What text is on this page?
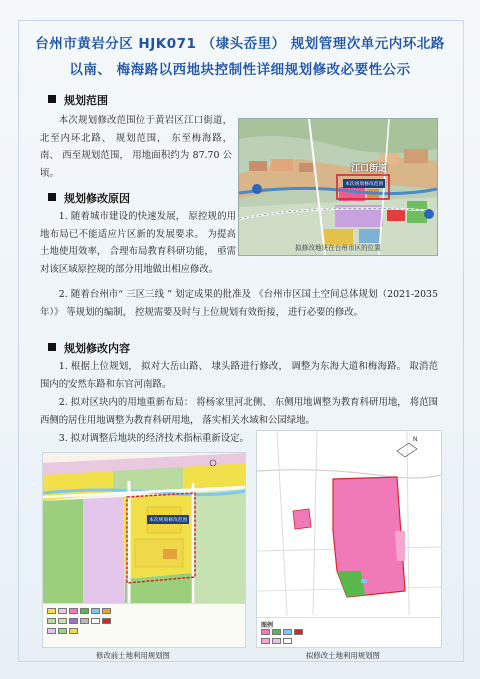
台州市黄岩分区 HJK071 （埭头岙里） 规划管理次单元内环北路
以南、 梅海路以西地块控制性详细规划修改必要性公示
规划范围
本次规划修改范围位于黄岩区江口街道， 北至内环北路、 规划范围， 东至梅海路， 南、 西至规划范围， 用地面积约为 87.70 公顷。	江口街道
本次规划修改范围
拟修改地块在台州市区的位置
规划修改原因
1. 随着城市建设的快速发展， 原控规的用地布局已不能适应片区新的发展要求。 为提高土地使用效率， 合理布局教育科研功能， 亟需对该区域原控规的部分用地做出相应修改。
2. 随着台州市“ 三区三线 ” 划定成果的批准及 《台州市区国土空间总体规划（2021-2035 年）》 等规划的编制， 控规需要及时与上位规划有效衔接， 进行必要的修改。
规划修改内容
1. 根据上位规划， 拟对大岳山路、 埭头路进行修改， 调整为东海大道和梅海路。 取消范围内的安然东路和东官河南路。
2. 拟对区块内的用地重新布局： 将杨家里河北侧、 东侧用地调整为教育科研用地， 将范围西侧的居住用地调整为教育科研用地， 落实相关水域和公园绿地。
3. 拟对调整后地块的经济技术指标重新设定。
本次规划修改范围
N
图例
修改前土地利用规划图	拟修改土地利用规划图
